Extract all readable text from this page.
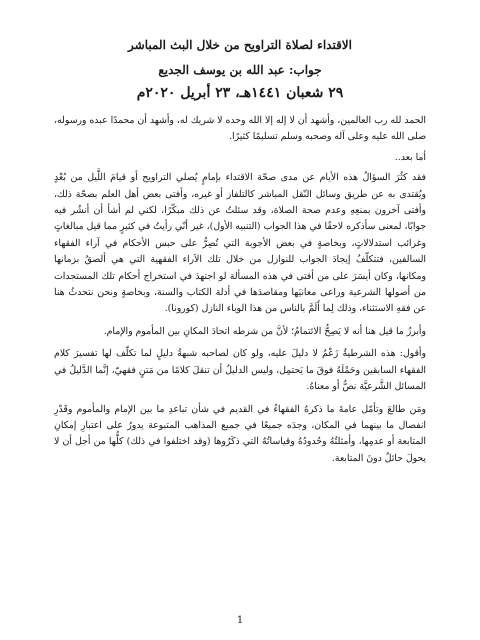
الاقتداء لصلاة التراويح من خلال البث المباشر
جواب: عبد الله بن يوسف الجديع
٢٩ شعبان ١٤٤١هـ، ٢٣ أبريل ٢٠٢٠م

الحمد لله رب العالمين، وأشهد أن لا إله إلا الله وحده لا شريك له، وأشهد أن محمدًا عبده ورسوله، صلى الله عليه وعلى آله وصحبه وسلم تسليمًا كثيرًا.

أما بعد..

فقد كثُرَ السؤالُ هذه الأيام عن مدى صحّة الاقتداء بإمامٍ يُصلي التراويح أو قيامَ اللَّيل من بُعْدٍ ويُقتدى به عن طريق وسائل النّقل المباشر كالتلفاز أو غيره، وأفتى بعض أهل العلم بصحّة ذلك، وأفتى آخرون بمنعِهِ وعدم صحة الصلاة، وقد سئلتُ عن ذلك مبكّرًا، لكني لم أشأ أن أنشُر فيه جوابًا، لمعنى سأذكره لاحقًا في هذا الجواب (التنبيه الأول)، غير أنّي رأيتُ في كثيرٍ مما قيل مبالغاتٍ وغرائب استدلالاتٍ، وبخاصةٍ في بعض الأجوبة التي تُصِرُّ على حبس الأحكام في آراء الفقهاء السالفين، فتتكلّفُ إيجادَ الجواب للنوازل من خلال تلك الآراء الفقهية التي هي ألصقُ بزمانها ومكانها، وكان أيسَرَ على من أفتى في هذه المسألة لو اجتهدَ في استخراج أحكام تلك المستجدات من أصولها الشرعية وراعى معانيَها ومقاصدَها في أدلة الكتاب والسنة، وبخاصةٍ ونحن نتحدثُ هنا عن فقهِ الاستثناء، وذلك لِما أَلَمَّ بالناس من هذا الوباء النازل (كورونا).

وأبرزُ ما قيل هنا أنه لا يَصِحُّ الائتمامُ؛ لأنَّ من شرطه اتحادَ المكانِ بين المأموم والإمام.

وأقول: هذه الشرطيةُ زَعْمٌ لا دليلَ عليه، ولو كان لصاحبه شبهةُ دليلٍ لما تكلّف لها تفسيرَ كلام الفقهاء السابقين وحَمْلَهُ فوقَ ما يَحتمِل، وليس الدليلُ أن تنقلَ كلامًا من مَتنٍ فقهيّ، إنَّما الدَّليلُ في المسائل الشَّرعيَّة نصٌّ أو معناهُ.

ومَن طالعَ وتأمّل عامةَ ما ذكرهُ الفقهاءُ في القديم في شأن تباعدِ ما بين الإمام والمأموم وقَدْرِ انفصال ما بينهما في المكان، وجدَه جميعًا في جميع المذاهب المتبوعة يدورُ على اعتبارِ إمكانِ المتابعة أو عدمِها، وأمثلتُهُ وحُدودُهُ وقياساتُهُ التي ذكَرُوها (وقد اختلفوا في ذلك) كلُّها من أجل أن لا يحولَ حائلٌ دونَ المتابعة.

1
